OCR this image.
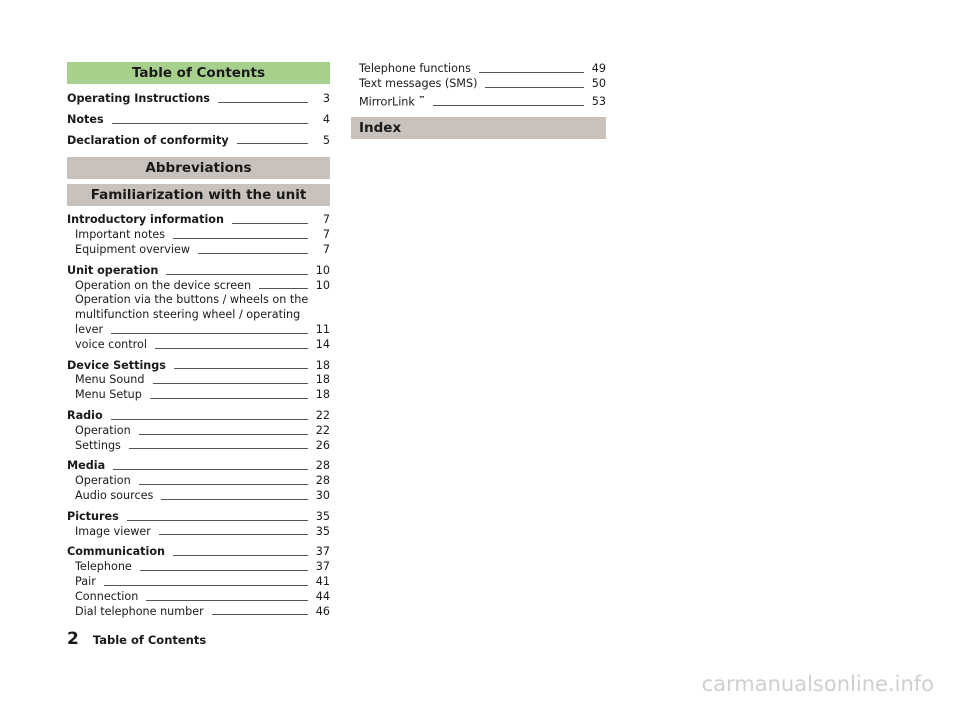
Table of Contents
Operating Instructions	3
Notes	4
Declaration of conformity	5
Abbreviations
Familiarization with the unit
Introductory information	7
Important notes	7
Equipment overview	7
Unit operation	10
Operation on the device screen	10
Operation via the buttons / wheels on the
multifunction steering wheel / operating
lever	11
voice control	14
Device Settings	18
Menu Sound	18
Menu Setup	18
Radio	22
Operation	22
Settings	26
Media	28
Operation	28
Audio sources	30
Pictures	35
Image viewer	35
Communication	37
Telephone	37
Pair	41
Connection	44
Dial telephone number	46
Telephone functions	49
Text messages (SMS)	50
MirrorLink ™	53
Index
2 Table of Contents
carmanualsonline.info
